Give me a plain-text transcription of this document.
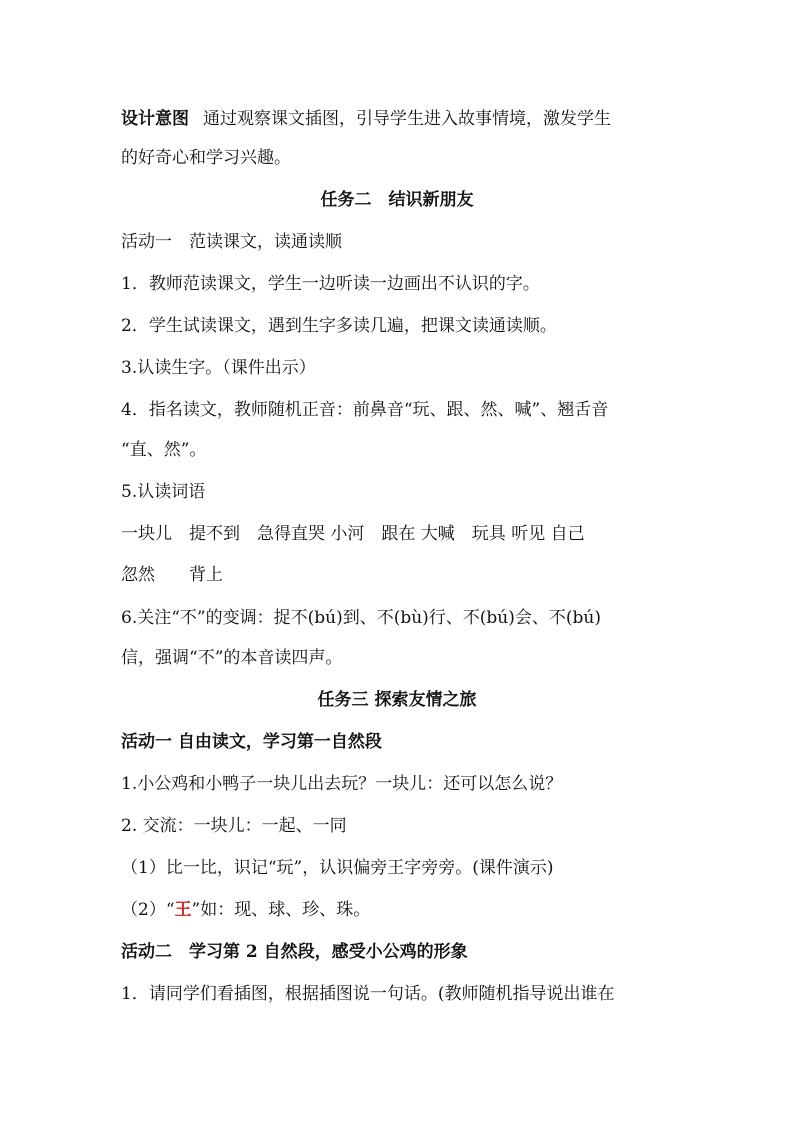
设计意图 通过观察课文插图，引导学生进入故事情境，激发学生
的好奇心和学习兴趣。
任务二　结识新朋友
活动一　范读课文，读通读顺
1．教师范读课文，学生一边听读一边画出不认识的字。
2．学生试读课文，遇到生字多读几遍，把课文读通读顺。
3.认读生字。（课件出示）
4．指名读文，教师随机正音：前鼻音“玩、跟、然、喊”、翘舌音
“直、然”。
5.认读词语
一块儿　提不到　急得直哭 小河　跟在 大喊　玩具 听见 自己
忽然　　背上
6.关注“不”的变调：捉不(bú)到、不(bù)行、不(bú)会、不(bú)
信，强调“不”的本音读四声。
任务三 探索友情之旅
活动一 自由读文，学习第一自然段
1.小公鸡和小鸭子一块儿出去玩？一块儿：还可以怎么说？
2. 交流：一块儿：一起、一同
（1）比一比，识记“玩”，认识偏旁王字旁旁。(课件演示)
（2）“王”如：现、球、珍、珠。
活动二　学习第 2 自然段，感受小公鸡的形象
1．请同学们看插图，根据插图说一句话。(教师随机指导说出谁在
